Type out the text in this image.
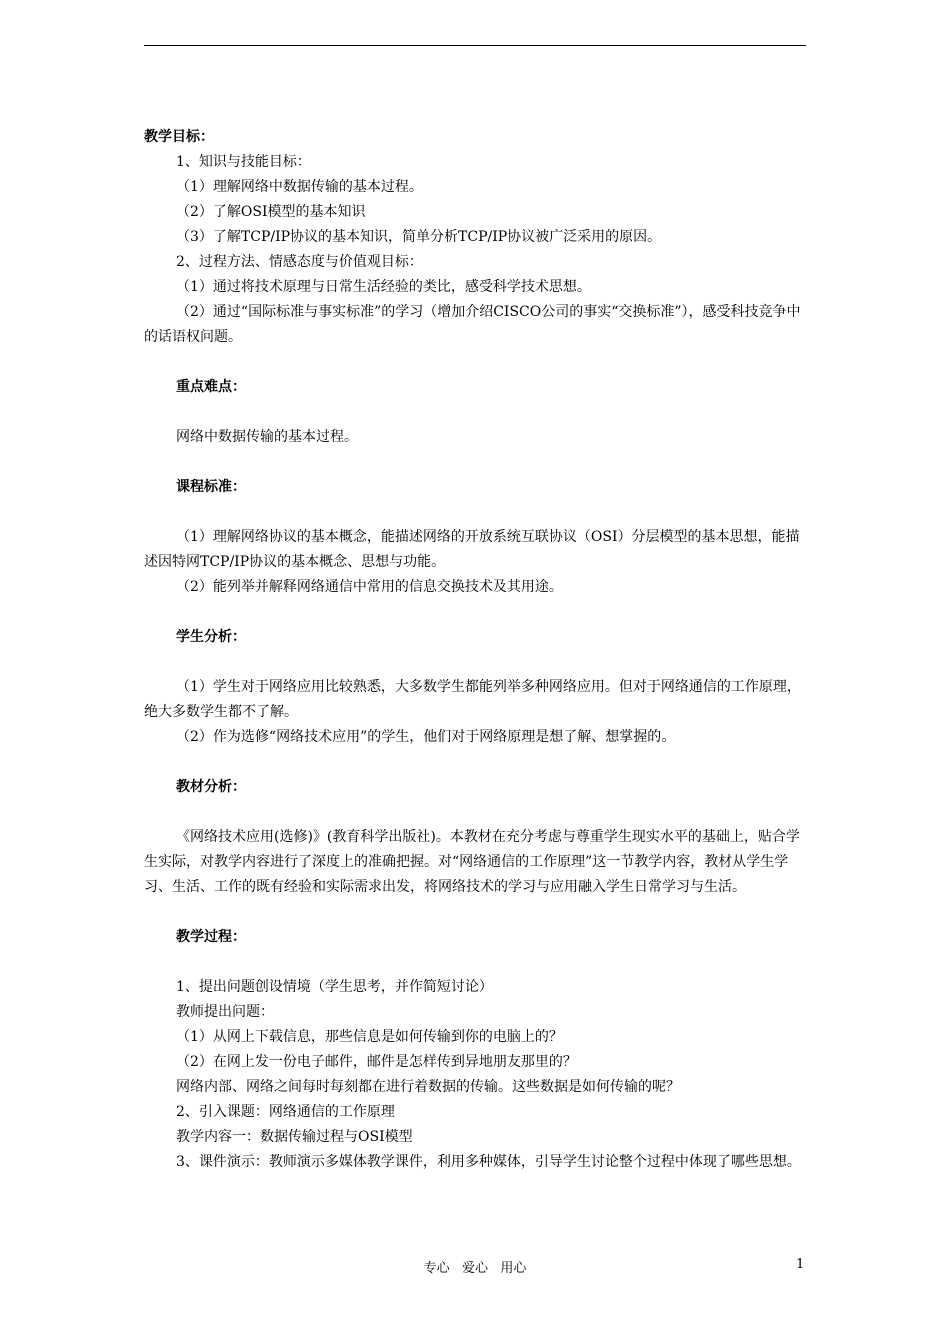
教学目标：

1、知识与技能目标：

（1）理解网络中数据传输的基本过程。

（2）了解OSI模型的基本知识

（3）了解TCP/IP协议的基本知识，简单分析TCP/IP协议被广泛采用的原因。

2、过程方法、情感态度与价值观目标：

（1）通过将技术原理与日常生活经验的类比，感受科学技术思想。

（2）通过“国际标准与事实标准”的学习（增加介绍CISCO公司的事实“交换标准”），感受科技竞争中的话语权问题。

重点难点：

网络中数据传输的基本过程。

课程标准：

（1）理解网络协议的基本概念，能描述网络的开放系统互联协议（OSI）分层模型的基本思想，能描述因特网TCP/IP协议的基本概念、思想与功能。

（2）能列举并解释网络通信中常用的信息交换技术及其用途。

学生分析：

（1）学生对于网络应用比较熟悉，大多数学生都能列举多种网络应用。但对于网络通信的工作原理，绝大多数学生都不了解。

（2）作为选修“网络技术应用”的学生，他们对于网络原理是想了解、想掌握的。

教材分析：

《网络技术应用(选修)》(教育科学出版社)。本教材在充分考虑与尊重学生现实水平的基础上，贴合学生实际，对教学内容进行了深度上的准确把握。对“网络通信的工作原理”这一节教学内容，教材从学生学习、生活、工作的既有经验和实际需求出发，将网络技术的学习与应用融入学生日常学习与生活。

教学过程：

1、提出问题创设情境（学生思考，并作简短讨论）

教师提出问题：

（1）从网上下载信息，那些信息是如何传输到你的电脑上的？

（2）在网上发一份电子邮件，邮件是怎样传到异地朋友那里的？

网络内部、网络之间每时每刻都在进行着数据的传输。这些数据是如何传输的呢？

2、引入课题：网络通信的工作原理

教学内容一：数据传输过程与OSI模型

3、课件演示：教师演示多媒体教学课件，利用多种媒体，引导学生讨论整个过程中体现了哪些思想。

专心   爱心   用心	1
